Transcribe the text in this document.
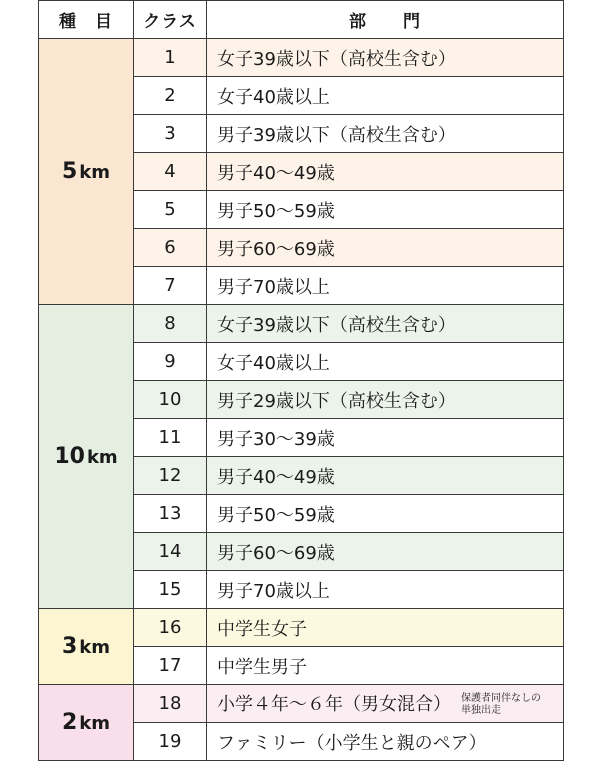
種　目	クラス	部　　門
5 km	1	女子39歳以下（高校生含む）
	2	女子40歳以上
	3	男子39歳以下（高校生含む）
	4	男子40～49歳
	5	男子50～59歳
	6	男子60～69歳
	7	男子70歳以上
10 km	8	女子39歳以下（高校生含む）
	9	女子40歳以上
	10	男子29歳以下（高校生含む）
	11	男子30～39歳
	12	男子40～49歳
	13	男子50～59歳
	14	男子60～69歳
	15	男子70歳以上
3 km	16	中学生女子
	17	中学生男子
2 km	18	小学４年～６年（男女混合） 保護者同伴なしの単独出走
	19	ファミリー（小学生と親のペア）
